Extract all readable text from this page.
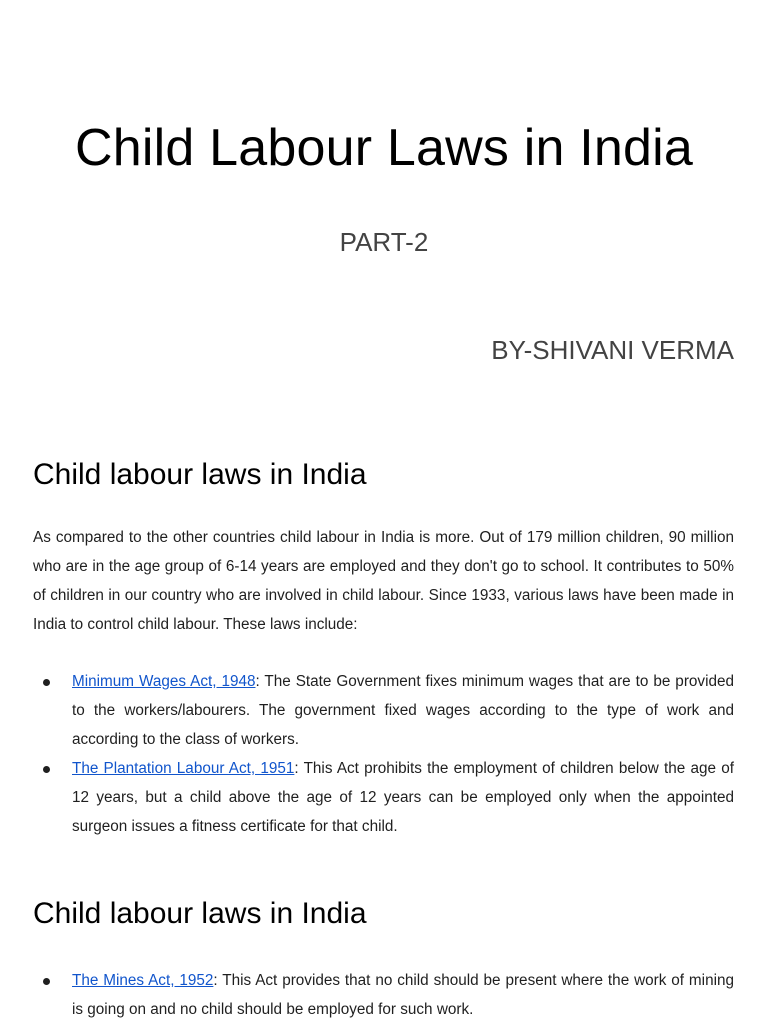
Child Labour Laws in India
PART-2
BY-SHIVANI VERMA
Child labour laws in India

As compared to the other countries child labour in India is more. Out of 179 million children, 90 million who are in the age group of 6-14 years are employed and they don't go to school. It contributes to 50% of children in our country who are involved in child labour. Since 1933, various laws have been made in India to control child labour. These laws include:

Minimum Wages Act, 1948: The State Government fixes minimum wages that are to be provided to the workers/labourers. The government fixed wages according to the type of work and according to the class of workers.
The Plantation Labour Act, 1951: This Act prohibits the employment of children below the age of 12 years, but a child above the age of 12 years can be employed only when the appointed surgeon issues a fitness certificate for that child.
Child labour laws in India
The Mines Act, 1952: This Act provides that no child should be present where the work of mining is going on and no child should be employed for such work.
